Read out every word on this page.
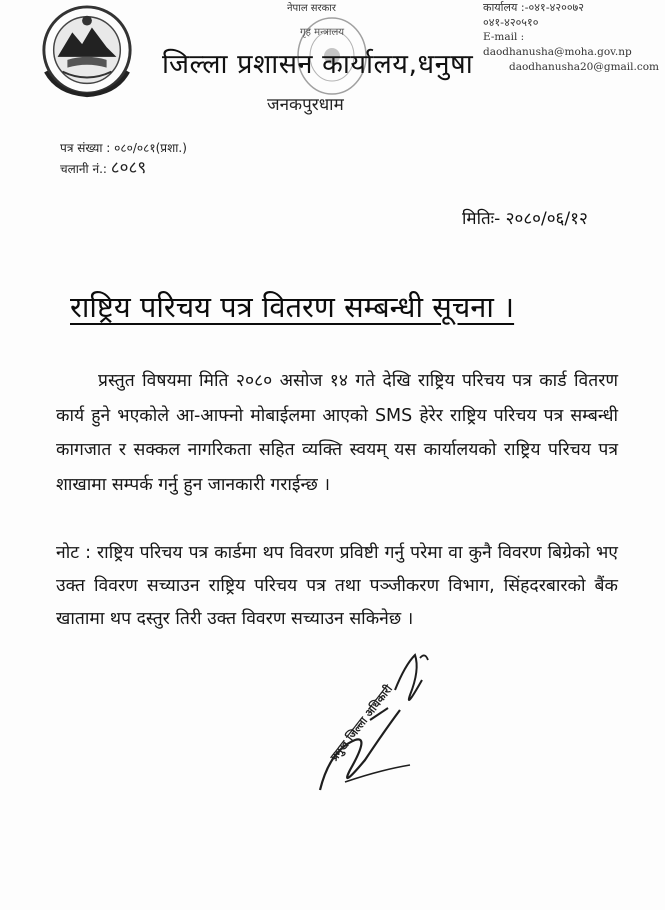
नेपाल सरकार
गृह मन्त्रालय
जिल्ला प्रशासन कार्यालय,धनुषा
जनकपुरधाम
कार्यालय :-०४१-४२००७२
०४१-४२०५१०
E-mail : daodhanusha@moha.gov.np
daodhanusha20@gmail.com
पत्र संख्या : ०८०/०८१(प्रशा.)
चलानी नं.: ८०८९
मितिः- २०८०/०६/१२
राष्ट्रिय परिचय पत्र वितरण सम्बन्धी सूचना ।

प्रस्तुत विषयमा मिति २०८० असोज १४ गते देखि राष्ट्रिय परिचय पत्र कार्ड वितरण कार्य हुने भएकोले आ-आफ्नो मोबाईलमा आएको SMS हेरेर राष्ट्रिय परिचय पत्र सम्बन्धी कागजात र सक्कल नागरिकता सहित व्यक्ति स्वयम् यस कार्यालयको राष्ट्रिय परिचय पत्र शाखामा सम्पर्क गर्नु हुन जानकारी गराईन्छ ।

नोट : राष्ट्रिय परिचय पत्र कार्डमा थप विवरण प्रविष्टी गर्नु परेमा वा कुनै विवरण बिग्रेको भए उक्त विवरण सच्याउन राष्ट्रिय परिचय पत्र तथा पञ्जीकरण विभाग, सिंहदरबारको बैंक खातामा थप दस्तुर तिरी उक्त विवरण सच्याउन सकिनेछ ।
प्रमुख जिल्ला अधिकारी
